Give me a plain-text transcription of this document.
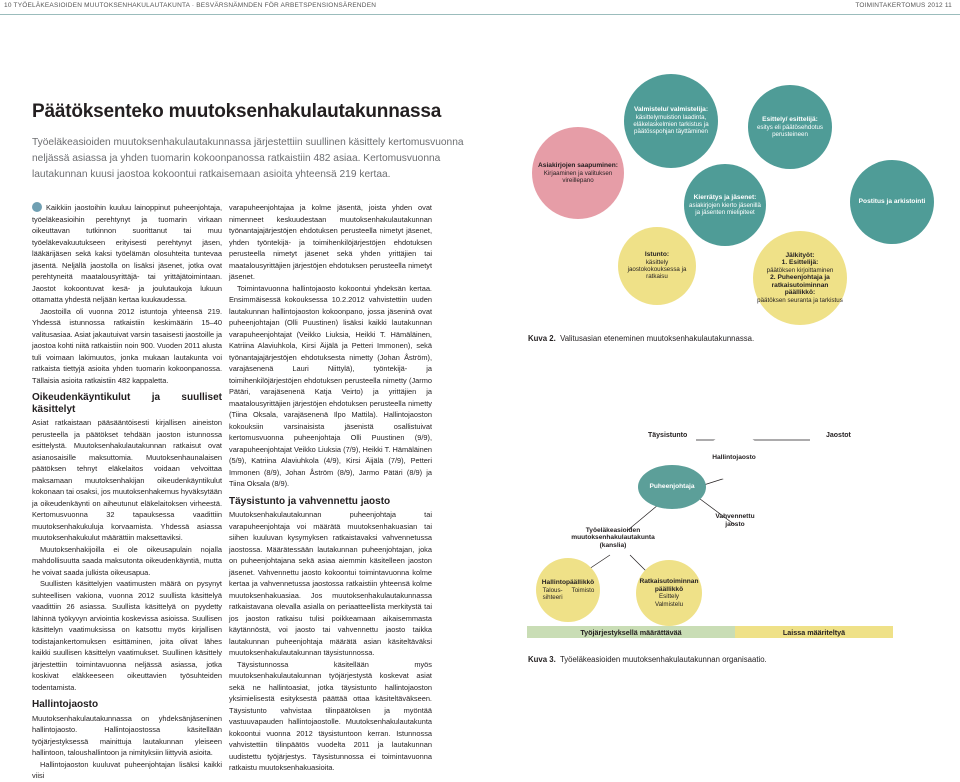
10 TYÖELÄKEASIOIDEN MUUTOKSENHAKULAUTAKUNTA · BESVÄRSNÄMNDEN FÖR ARBETSPENSIONSÄRENDEN	TOIMINTAKERTOMUS 2012 11
Päätöksenteko muutoksenhakulautakunnassa
Työeläkeasioiden muutoksenhakulautakunnassa järjestettiin suullinen käsittely kertomusvuonna
neljässä asiassa ja yhden tuomarin kokoonpanossa ratkaistiin 482 asiaa. Kertomusvuonna
lautakunnan kuusi jaostoa kokoontui ratkaisemaan asioita yhteensä 219 kertaa.

Kaikkiin jaostoihin kuuluu lainoppinut puheenjohtaja, työeläkeasioihin perehtynyt ja tuomarin virkaan oikeuttavan tutkinnon suorittanut tai muu työeläkevakuutukseen erityisesti perehtynyt jäsen, lääkärijäsen sekä kaksi työelämän olosuhteita tuntevaa jäsentä. Neljällä jaostolla on lisäksi jäsenet, jotka ovat perehtyneitä maatalousyrittäjä- tai yrittäjätoimintaan. Jaostot kokoontuvat kesä- ja joulutaukoja lukuun ottamatta yhdestä neljään kertaa kuukaudessa.

Jaostoilla oli vuonna 2012 istuntoja yhteensä 219. Yhdessä istunnossa ratkaistiin keskimäärin 15–40 valitusasiaa. Asiat jakautuivat varsin tasaisesti jaostoille ja jaostoa kohti niitä ratkaistiin noin 900. Vuoden 2011 alusta tuli voimaan lakimuutos, jonka mukaan lautakunta voi ratkaista tiettyjä asioita yhden tuomarin kokoonpanossa. Tällaisia asioita ratkaistiin 482 kappaletta.

Oikeudenkäyntikulut ja suulliset käsittelyt

Asiat ratkaistaan pääsääntöisesti kirjallisen aineiston perusteella ja päätökset tehdään jaoston istunnossa esittelystä. Muutoksenhakulautakunnan ratkaisut ovat asianosaisille maksuttomia. Muutoksenhaunalaisen päätöksen tehnyt eläkelaitos voidaan velvoittaa maksamaan muutoksenhakijan oikeudenkäyntikulut kokonaan tai osaksi, jos muutoksenhakemus hyväksytään ja oikeudenkäynti on aiheutunut eläkelaitoksen virheestä. Kertomusvuonna 32 tapauksessa vaadittiin muutoksenhakukuluja korvaamista. Yhdessä asiassa muutoksenhakukulut määrättiin maksettaviksi.

Muutoksenhakijoilla ei ole oikeusapulain nojalla mahdollisuutta saada maksutonta oikeudenkäyntiä, mutta he voivat saada julkista oikeusapua.

Suullisten käsittelyjen vaatimusten määrä on pysynyt suhteellisen vakiona, vuonna 2012 suullista käsittelyä vaadittiin 26 asiassa. Suullista käsittelyä on pyydetty lähinnä työkyvyn arviointia koskevissa asioissa. Suullisen käsittelyn vaatimuksissa on katsottu myös kirjallisen todistajankertomuksen esittäminen, joita olivat lähes kaikki suullisen käsittelyn vaatimukset. Suullinen käsittely järjestettiin toimintavuonna neljässä asiassa, jotka koskivat eläkkeeseen oikeuttavien työsuhteiden todentamista.

Hallintojaosto

Muutoksenhakulautakunnassa on yhdeksänjäseninen hallintojaosto. Hallintojaostossa käsitellään työjärjestyksessä mainittuja lautakunnan yleiseen hallintoon, taloushallintoon ja nimityksiin liittyviä asioita.

Hallintojaoston kuuluvat puheenjohtajan lisäksi kaikki viisi

varapuheenjohtajaa ja kolme jäsentä, joista yhden ovat nimenneet keskuudestaan muutoksenhakulautakunnan työnantajajärjestöjen ehdotuksen perusteella nimetyt jäsenet, yhden työntekijä- ja toimihenkilöjärjestöjen ehdotuksen perusteella nimetyt jäsenet sekä yhden yrittäjien tai maatalousyrittäjien järjestöjen ehdotuksen perusteella nimetyt jäsenet.

Toimintavuonna hallintojaosto kokoontui yhdeksän kertaa. Ensimmäisessä kokouksessa 10.2.2012 vahvistettiin uuden lautakunnan hallintojaoston kokoonpano, jossa jäseninä ovat puheenjohtajan (Olli Puustinen) lisäksi kaikki lautakunnan varapuheenjohtajat (Veikko Liuksia, Heikki T. Hämäläinen, Katriina Alaviuhkola, Kirsi Äijälä ja Petteri Immonen), sekä työnantajajärjestöjen ehdotuksesta nimetty (Johan Åström), varajäsenenä Lauri Niittylä), työntekijä- ja toimihenkilöjärjestöjen ehdotuksen perusteella nimetty (Jarmo Pätäri, varajäsenenä Katja Veirto) ja yrittäjien ja maatalousyrittäjien järjestöjen ehdotuksen perusteella nimetty (Tiina Oksala, varajäsenenä Ilpo Mattila). Hallintojaoston kokouksiin varsinaisista jäsenistä osallistuivat kertomusvuonna puheenjohtaja Olli Puustinen (9/9), varapuheenjohtajat Veikko Liuksia (7/9), Heikki T. Hämäläinen (5/9), Katriina Alaviuhkola (4/9), Kirsi Äijälä (7/9), Petteri Immonen (8/9), Johan Åström (8/9), Jarmo Pätäri (8/9) ja Tiina Oksala (8/9).

Täysistunto ja vahvennettu jaosto

Muutoksenhakulautakunnan puheenjohtaja tai varapuheenjohtaja voi määrätä muutoksenhakuasian tai siihen kuuluvan kysymyksen ratkaistavaksi vahvennetussa jaostossa. Määrätessään lautakunnan puheenjohtajan, joka on puheenjohtajana sekä asiaa aiemmin käsitelleen jaoston jäsenet. Vahvennettu jaosto kokoontui toimintavuonna kolme kertaa ja vahvennetussa jaostossa ratkaistiin yhteensä kolme muutoksenhakuasiaa. Jos muutoksenhakulautakunnassa ratkaistavana olevalla asialla on periaatteellista merkitystä tai jos jaoston ratkaisu tulisi poikkeamaan aikaisemmasta käytännöstä, voi jaosto tai vahvennettu jaosto taikka lautakunnan puheenjohtaja määrätä asian käsiteltäväksi muutoksenhakulautakunnan täysistunnossa.

Täysistunnossa käsitellään myös muutoksenhakulautakunnan työjärjestystä koskevat asiat sekä ne hallintoasiat, jotka täysistunto hallintojaoston yksimielisestä esityksestä päättää ottaa käsiteltäväkseen. Täysistunto vahvistaa tilinpäätöksen ja myöntää vastuuvapauden hallintojaostolle. Muutoksenhakulautakunta kokoontui vuonna 2012 täysistuntoon kerran. Istunnossa vahvistettiin tilinpäätös vuodelta 2011 ja lautakunnan uudistettu työjärjestys. Täysistunnossa ei toimintavuonna ratkaistu muutoksenhakuasioita.

Asiakirjojen saapuminen:
Kirjaaminen ja valituksen vireillepano
Valmistelu/ valmistelija:
käsittelymuistion laadinta, eläkelaskelmien tarkistus ja päätösspohjan täyttäminen
Esittely/ esittelijä:
esitys eli päätösehdotus perusteineen
Kierrätys ja jäsenet:
asiakirjojen kierto jäsenillä ja jäsenten mielipiteet
Postitus ja arkistointi
Istunto:
käsittely jaostokokouksessa ja ratkaisu
Jälkityöt:
1. Esittelijä:
päätöksen kirjoittaminen
2. Puheenjohtaja ja ratkaisutoiminnan päällikkö:
päätöksen seuranta ja tarkistus
Kuva 2. Valitusasian eteneminen muutoksenhakulautakunnassa.
Täysistunto	Jaostot
Hallintojaosto
Puheenjohtaja
Vahvennettu jaosto
Työeläkeasioiden muutoksenhakulautakunta (kanslia)
Hallintopäällikkö
Talous-sihteeri
Toimisto
Ratkaisutoiminnan päällikkö
Esittely
Valmistelu
Työjärjestyksellä määrättävää	Laissa määriteltyä
Kuva 3. Työeläkeasioiden muutoksenhakulautakunnan organisaatio.
